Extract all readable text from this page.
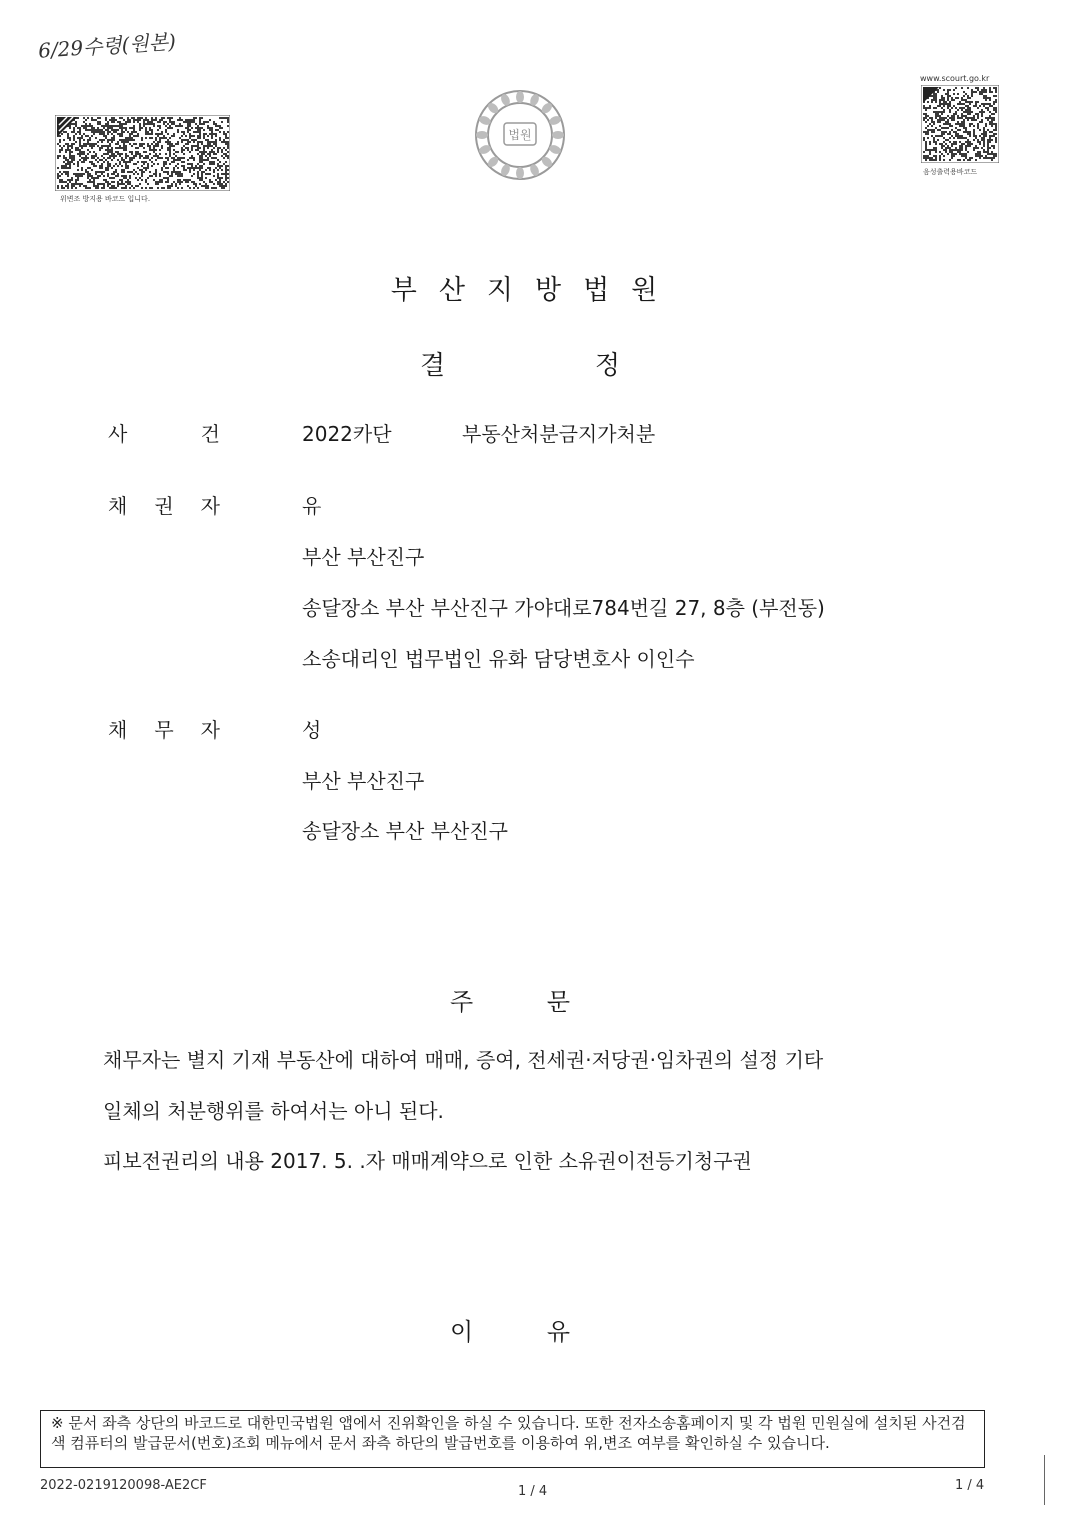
6/29수령(원본)
위변조 방지용 바코드 입니다.
법원
www.scourt.go.kr
음성출력용바코드
부산지방법원
결	정
사	건	2022카단	부동산처분금지가처분
채 권 자	유
부산 부산진구
송달장소 부산 부산진구 가야대로784번길 27, 8층 (부전동)
소송대리인 법무법인 유화 담당변호사 이인수
채 무 자	성
부산 부산진구
송달장소 부산 부산진구
주	문
채무자는 별지 기재 부동산에 대하여 매매, 증여, 전세권·저당권·임차권의 설정 기타
일체의 처분행위를 하여서는 아니 된다.
피보전권리의 내용 2017. 5. .자 매매계약으로 인한 소유권이전등기청구권
이	유
※ 문서 좌측 상단의 바코드로 대한민국법원 앱에서 진위확인을 하실 수 있습니다. 또한 전자소송홈페이지 및 각 법원 민원실에 설치된 사건검색 컴퓨터의 발급문서(번호)조회 메뉴에서 문서 좌측 하단의 발급번호를 이용하여 위,변조 여부를 확인하실 수 있습니다.
2022-0219120098-AE2CF	1 / 4	1 / 4
